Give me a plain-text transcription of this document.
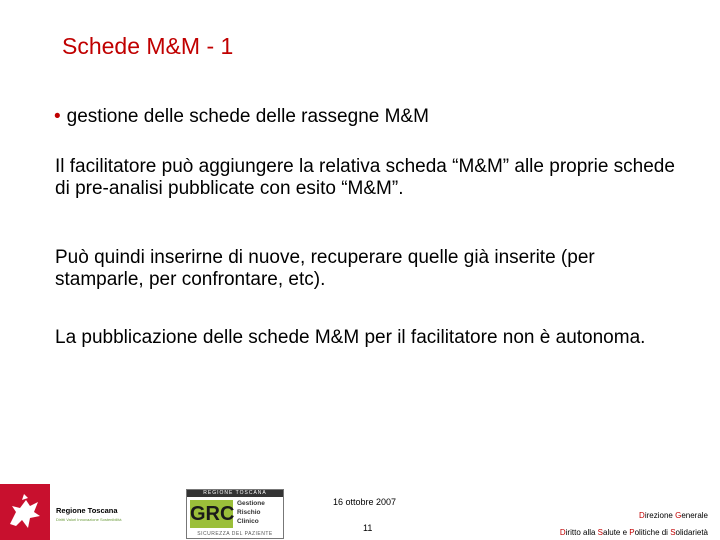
Schede M&M - 1
• gestione delle schede delle rassegne M&M
Il facilitatore può aggiungere la relativa scheda “M&M” alle proprie schede di pre-analisi pubblicate con esito “M&M”.
Può quindi inserirne di nuove, recuperare quelle già inserite (per stamparle, per confrontare, etc).
La pubblicazione delle schede M&M per il facilitatore non è autonoma.
Regione Toscana
Diritti Valori Innovazione Sostenibilità
REGIONE TOSCANA
GRC Gestione
Rischio
Clinico
SICUREZZA DEL PAZIENTE
16 ottobre 2007
11
Direzione Generale
Diritto alla Salute e Politiche di Solidarietà
